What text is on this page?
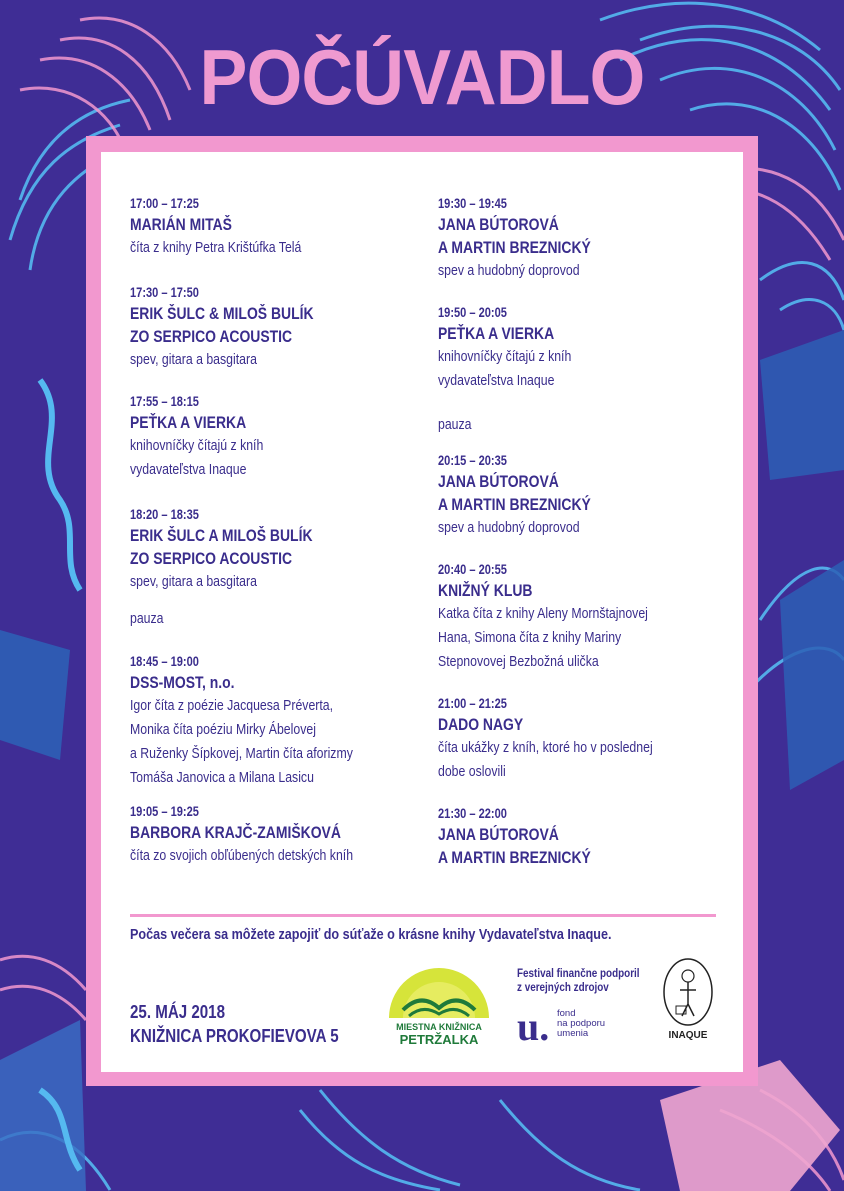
POČÚVADLO
17:00 – 17:25
MARIÁN MITAŠ
číta z knihy Petra Krištúfka Telá
17:30 – 17:50
ERIK ŠULC & MILOŠ BULÍK
ZO SERPICO ACOUSTIC
spev, gitara a basgitara
17:55 – 18:15
PEŤKA A VIERKA
knihovníčky čítajú z kníh
vydavateľstva Inaque
18:20 – 18:35
ERIK ŠULC A MILOŠ BULÍK
ZO SERPICO ACOUSTIC
spev, gitara a basgitara
pauza
18:45 – 19:00
DSS-MOST, n.o.
Igor číta z poézie Jacquesa Préverta,
Monika číta poéziu Mirky Ábelovej
a Ruženky Šípkovej, Martin číta aforizmy
Tomáša Janovica a Milana Lasicu
19:05 – 19:25
BARBORA KRAJČ-ZAMIŠKOVÁ
číta zo svojich obľúbených detských kníh
19:30 – 19:45
JANA BÚTOROVÁ
A MARTIN BREZNICKÝ
spev a hudobný doprovod
19:50 – 20:05
PEŤKA A VIERKA
knihovníčky čítajú z kníh
vydavateľstva Inaque
pauza
20:15 – 20:35
JANA BÚTOROVÁ
A MARTIN BREZNICKÝ
spev a hudobný doprovod
20:40 – 20:55
KNIŽNÝ KLUB
Katka číta z knihy Aleny Mornštajnovej
Hana, Simona číta z knihy Mariny
Stepnovovej Bezbožná ulička
21:00 – 21:25
DADO NAGY
číta ukážky z kníh, ktoré ho v poslednej
dobe oslovili
21:30 – 22:00
JANA BÚTOROVÁ
A MARTIN BREZNICKÝ
Počas večera sa môžete zapojiť do súťaže o krásne knihy Vydavateľstva Inaque.
25. MÁJ 2018
KNIŽNICA PROKOFIEVOVA 5	MIESTNA KNIŽNICA
PETRŽALKA
Festival finančne podporil
z verejných zdrojov
u. fond
na podporu
umenia	INAQUE
